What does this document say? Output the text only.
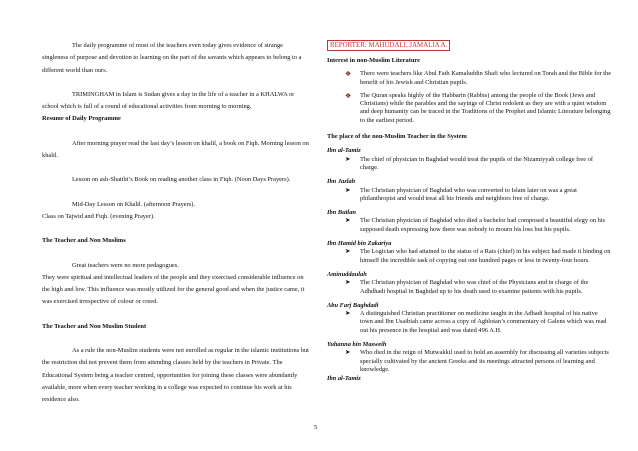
The daily programme of most of the teachers even today gives evidence of strange singleness of purpose and devotion to learning on the part of the savants which appears to belong to a different world than ours.

TRIMINGHAM in Islam is Sudan gives a day in the life of a teacher in a KHALWA or school which is full of a round of educational activities from morning to morning.

Resume of Daily Programme

After morning prayer read the last day’s lesson on khalil, a book on Fiqh. Morning lesson on khalil.

Lesson on ash-Shatibi’s Book on reading another class in Fiqh. (Noon Days Prayers).

Mid-Day Lesson on Khalil. (afternoon Prayers).

Class on Tajwid and Fiqh. (evening Prayer).

The Teacher and Non Muslims

Great teachers were no more pedagogues.

They were spiritual and intellectual leaders of the people and they exercised considerable influence on the high and low. This influence was mostly utilized for the general good and when the justice came, it was exercised irrespective of colour or creed.

The Teacher and Non Muslim Student

As a rule the non-Muslim students were not enrolled as regular in the islamic institutions but the restriction did not prevent them from attending classes held by the teachers in Private. The Educational System being a teacher centred, opportunities for joining these classes were abundantly available, more when every teacher working in a college was expected to continue his work at his residence also.

REPORTER: MAHUDALI, JAMALIA A.
Interest in non-Muslim Literature
❖ There were teachers like Abul Fath Kamaluddin Shafi who lectured on Torah and the Bible for the benefit of his Jewish and Christian pupils.
❖ The Quran speaks highly of the Habbarin (Rabbis) among the people of the Book (Jews and Christians) while the parables and the sayings of Christ redolent as they are with a quiet wisdom and deep humanity can be traced in the Traditions of the Prophet and Islamic Literature belonging to the earliest period.
The place of the non-Muslim Teacher in the System
Ibn al-Tamiz
➤ The chief of physician in Baghdad would treat the pupils of the Nizamiyyah college free of charge.
Ibn Jazlah
➤ The Christian physician of Baghdad who was converted to Islam later on was a great philanthropist and would treat all his friends and neighbors free of charge.
Ibn Butlan
➤ The Christian physician of Baghdad who died a bachelor had composed a beautiful elegy on his supposed death expressing how there was nobody to mourn his loss but his pupils.
Ibn Hamid bin Zakariya
➤ The Logician who had attained to the status of a Rais (chief) in his subject had made it binding on himself the incredible task of copying out one hundred pages or less in twenty-four hours.
Aminuddaulah
➤ The Christian physician of Baghdad who was chief of the Physicians and in charge of the Adhdhadi hospital in Baghdad up to his death used to examine patients with his pupils.
Abu Farj Baghdadi
➤ A distinguished Christian practitioner on medicine taught in the Adhadi hospital of his native town and Ibn Usaibiah came across a copy of Aghlotan’s commentary of Galens which was read out his presence in the hospital and was dated 496 A.H.
Yuhanna bin Masweih
➤ Who died in the reign of Mutwakkil used to hold an assembly for discussing all varieties subjects specially cultivated by the ancient Greeks and its meetings attracted persons of learning and knowledge.
Ibn al-Tamiz
5
